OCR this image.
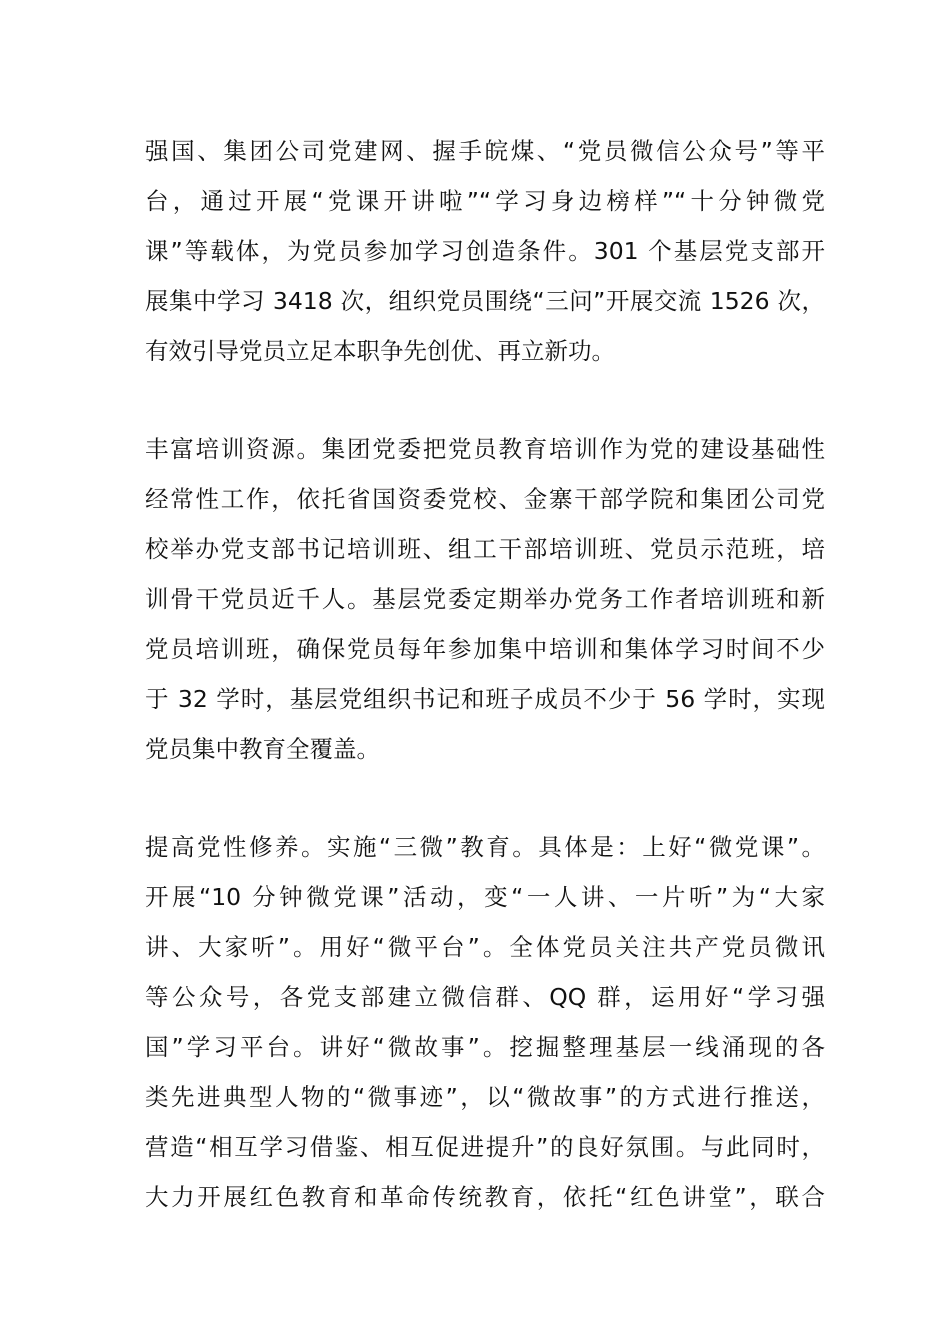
强国、集团公司党建网、握手皖煤、“党员微信公众号”等平
台，通过开展“党课开讲啦”“学习身边榜样”“十分钟微党
课”等载体，为党员参加学习创造条件。301 个基层党支部开
展集中学习 3418 次，组织党员围绕“三问”开展交流 1526 次，
有效引导党员立足本职争先创优、再立新功。
丰富培训资源。集团党委把党员教育培训作为党的建设基础性
经常性工作，依托省国资委党校、金寨干部学院和集团公司党
校举办党支部书记培训班、组工干部培训班、党员示范班，培
训骨干党员近千人。基层党委定期举办党务工作者培训班和新
党员培训班，确保党员每年参加集中培训和集体学习时间不少
于 32 学时，基层党组织书记和班子成员不少于 56 学时，实现
党员集中教育全覆盖。
提高党性修养。实施“三微”教育。具体是：上好“微党课”。
开展“10 分钟微党课”活动，变“一人讲、一片听”为“大家
讲、大家听”。用好“微平台”。全体党员关注共产党员微讯
等公众号，各党支部建立微信群、QQ 群，运用好“学习强
国”学习平台。讲好“微故事”。挖掘整理基层一线涌现的各
类先进典型人物的“微事迹”，以“微故事”的方式进行推送，
营造“相互学习借鉴、相互促进提升”的良好氛围。与此同时，
大力开展红色教育和革命传统教育，依托“红色讲堂”，联合
